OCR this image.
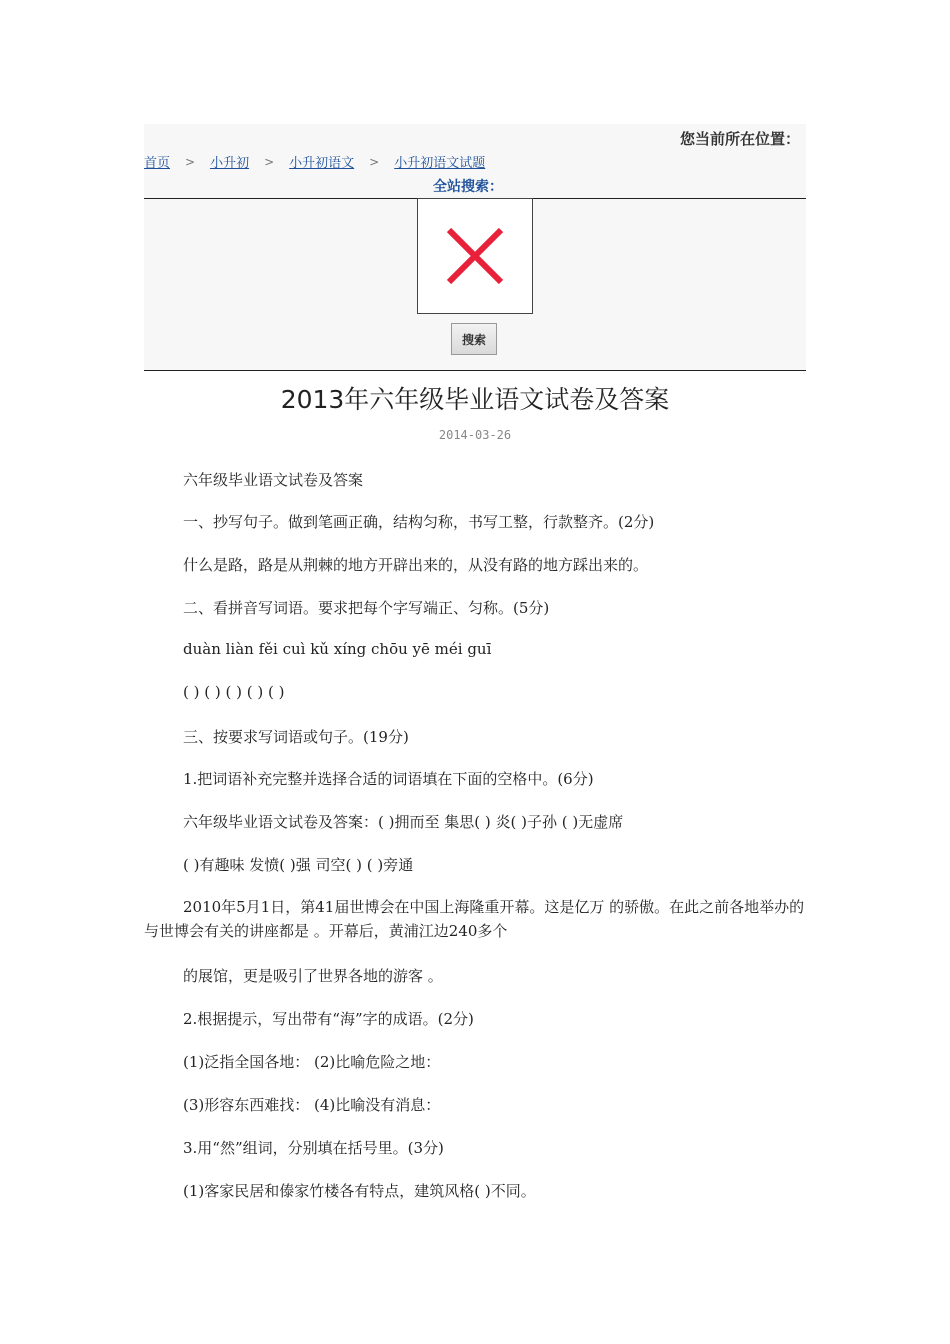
您当前所在位置：
首页 > 小升初 > 小升初语文 > 小升初语文试题
全站搜索：
搜索
2013年六年级毕业语文试卷及答案
2014-03-26
六年级毕业语文试卷及答案
一、抄写句子。做到笔画正确，结构匀称，书写工整，行款整齐。(2分)
什么是路，路是从荆棘的地方开辟出来的，从没有路的地方踩出来的。
二、看拼音写词语。要求把每个字写端正、匀称。(5分)
duàn liàn fěi cuì kǔ xíng chōu yē méi guī
( ) ( ) ( ) ( ) ( )
三、按要求写词语或句子。(19分)
1.把词语补充完整并选择合适的词语填在下面的空格中。(6分)
六年级毕业语文试卷及答案：( )拥而至 集思( ) 炎( )子孙 ( )无虚席
( )有趣味 发愤( )强 司空( ) ( )旁通
2010年5月1日，第41届世博会在中国上海隆重开幕。这是亿万 的骄傲。在此之前各地举办的与世博会有关的讲座都是 。开幕后，黄浦江边240多个
的展馆，更是吸引了世界各地的游客 。
2.根据提示，写出带有“海”字的成语。(2分)
(1)泛指全国各地： (2)比喻危险之地：
(3)形容东西难找： (4)比喻没有消息：
3.用“然”组词，分别填在括号里。(3分)
(1)客家民居和傣家竹楼各有特点，建筑风格( )不同。
